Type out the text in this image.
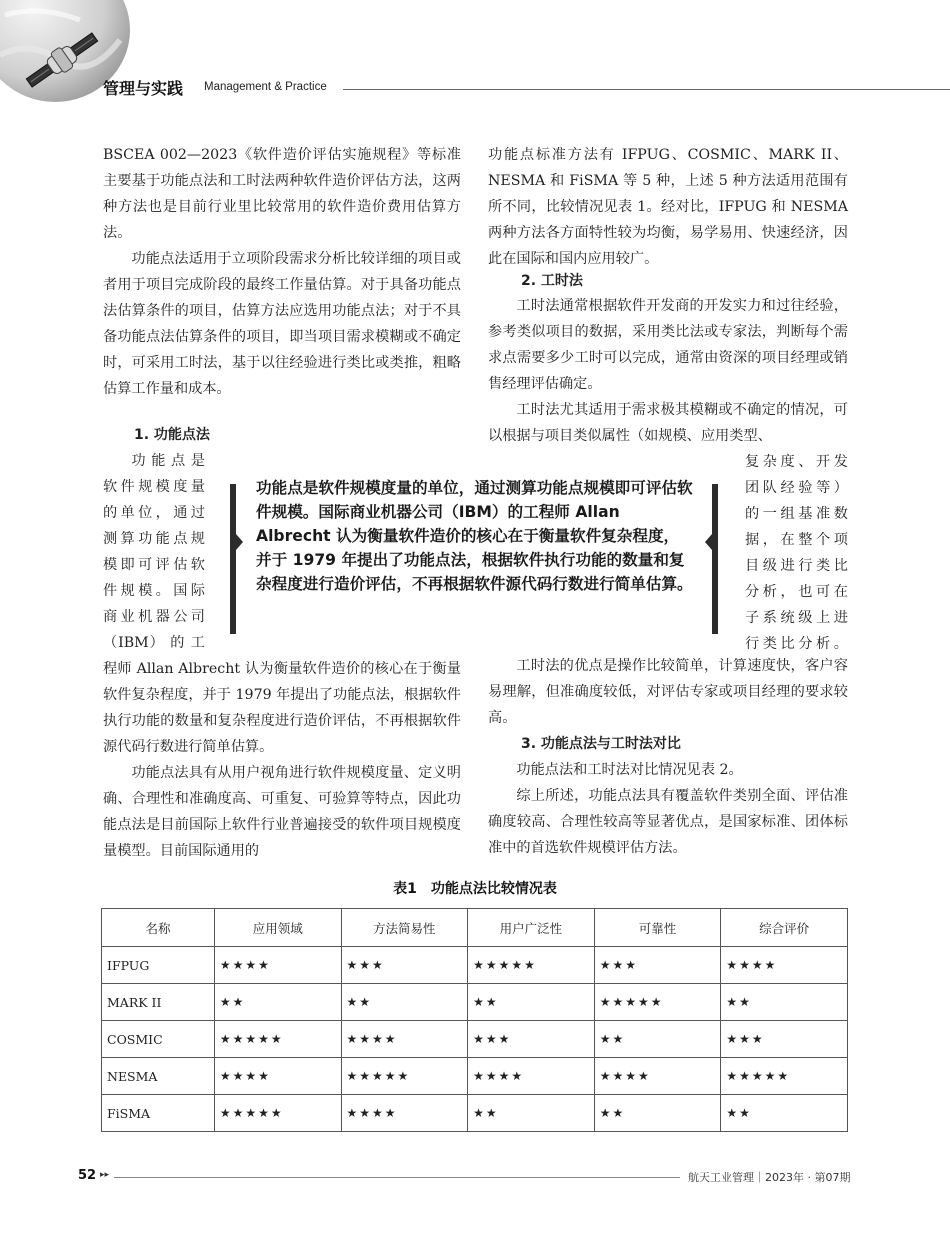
管理与实践 Management & Practice

BSCEA 002—2023《软件造价评估实施规程》等标准主要基于功能点法和工时法两种软件造价评估方法，这两种方法也是目前行业里比较常用的软件造价费用估算方法。

功能点法适用于立项阶段需求分析比较详细的项目或者用于项目完成阶段的最终工作量估算。对于具备功能点法估算条件的项目，估算方法应选用功能点法；对于不具备功能点法估算条件的项目，即当项目需求模糊或不确定时，可采用工时法，基于以往经验进行类比或类推，粗略估算工作量和成本。

1. 功能点法
功能点是
软件规模度量
的单位，通过
测算功能点规
模即可评估软
件规模。国际
商业机器公司
（IBM） 的 工

程师 Allan Albrecht 认为衡量软件造价的核心在于衡量软件复杂程度，并于 1979 年提出了功能点法，根据软件执行功能的数量和复杂程度进行造价评估，不再根据软件源代码行数进行简单估算。

功能点法具有从用户视角进行软件规模度量、定义明确、合理性和准确度高、可重复、可验算等特点，因此功能点法是目前国际上软件行业普遍接受的软件项目规模度量模型。目前国际通用的

功能点是软件规模度量的单位，通过测算功能点规模即可评估软件规模。国际商业机器公司（IBM）的工程师 Allan Albrecht 认为衡量软件造价的核心在于衡量软件复杂程度，并于 1979 年提出了功能点法，根据软件执行功能的数量和复杂程度进行造价评估，不再根据软件源代码行数进行简单估算。

功能点标准方法有 IFPUG、COSMIC、MARK II、NESMA 和 FiSMA 等 5 种，上述 5 种方法适用范围有所不同，比较情况见表 1。经对比，IFPUG 和 NESMA 两种方法各方面特性较为均衡，易学易用、快速经济，因此在国际和国内应用较广。

2. 工时法

工时法通常根据软件开发商的开发实力和过往经验，参考类似项目的数据，采用类比法或专家法，判断每个需求点需要多少工时可以完成，通常由资深的项目经理或销售经理评估确定。

工时法尤其适用于需求极其模糊或不确定的情况，可以根据与项目类似属性（如规模、应用类型、

复杂度、开发
团队经验等）
的一组基准数
据，在整个项
目级进行类比
分析，也可在
子系统级上进
行类比分析。

工时法的优点是操作比较简单，计算速度快，客户容易理解，但准确度较低，对评估专家或项目经理的要求较高。

3. 功能点法与工时法对比

功能点法和工时法对比情况见表 2。

综上所述，功能点法具有覆盖软件类别全面、评估准确度较高、合理性较高等显著优点，是国家标准、团体标准中的首选软件规模评估方法。

表1　功能点法比较情况表
名称	应用领域	方法简易性	用户广泛性	可靠性	综合评价
IFPUG	★★★★	★★★	★★★★★	★★★	★★★★
MARK II	★★	★★	★★	★★★★★	★★
COSMIC	★★★★★	★★★★	★★★	★★	★★★
NESMA	★★★★	★★★★★	★★★★	★★★★	★★★★★
FiSMA	★★★★★	★★★★	★★	★★	★★
52 ▸▸	航天工业管理｜2023年 · 第07期
